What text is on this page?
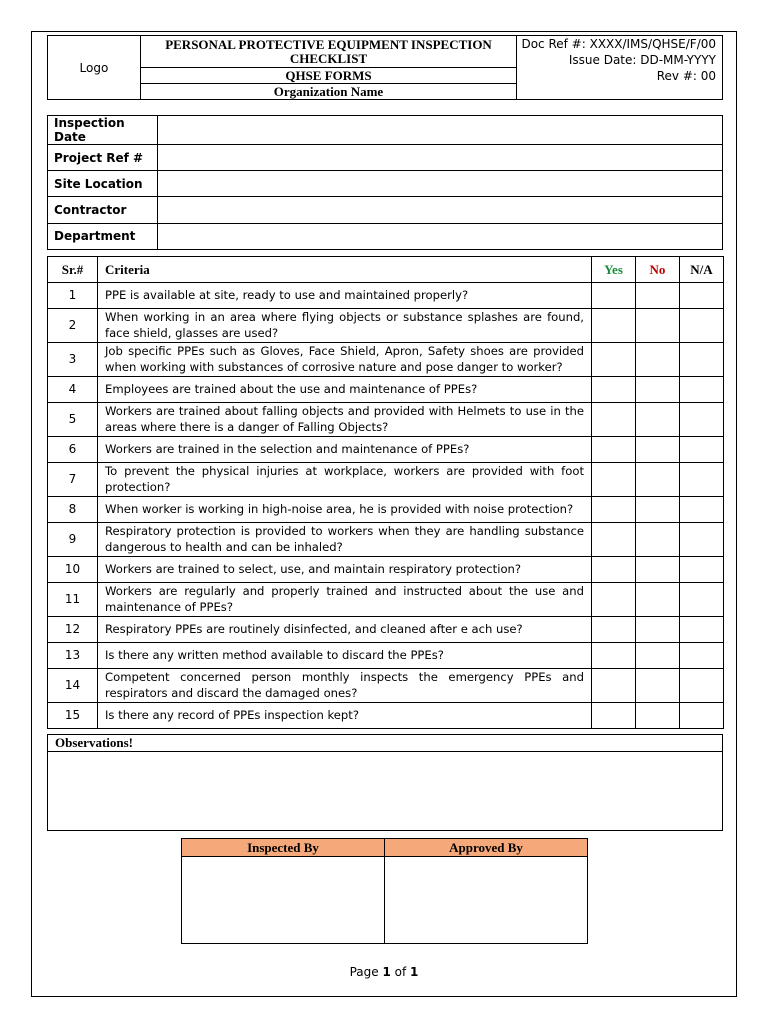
Logo	PERSONAL PROTECTIVE EQUIPMENT INSPECTION
CHECKLIST	
Doc Ref #: XXXX/IMS/QHSE/F/00
Issue Date: DD-MM-YYYY
Rev #: 00

QHSE FORMS
Organization Name
Inspection Date	
Project Ref #	
Site Location	
Contractor	
Department	
Sr.#	Criteria	Yes	No	N/A
1	PPE is available at site, ready to use and maintained properly?			
2	When working in an area where flying objects or substance splashes are found, face shield, glasses are used?			
3	Job specific PPEs such as Gloves, Face Shield, Apron, Safety shoes are provided when working with substances of corrosive nature and pose danger to worker?			
4	Employees are trained about the use and maintenance of PPEs?			
5	Workers are trained about falling objects and provided with Helmets to use in the areas where there is a danger of Falling Objects?			
6	Workers are trained in the selection and maintenance of PPEs?			
7	To prevent the physical injuries at workplace, workers are provided with foot protection?			
8	When worker is working in high-noise area, he is provided with noise protection?			
9	Respiratory protection is provided to workers when they are handling substance dangerous to health and can be inhaled?			
10	Workers are trained to select, use, and maintain respiratory protection?			
11	Workers are regularly and properly trained and instructed about the use and maintenance of PPEs?			
12	Respiratory PPEs are routinely disinfected, and cleaned after e ach use?			
13	Is there any written method available to discard the PPEs?			
14	Competent concerned person monthly inspects the emergency PPEs and respirators and discard the damaged ones?			
15	Is there any record of PPEs inspection kept?			
Observations!

Inspected By	Approved By

Page 1 of 1
